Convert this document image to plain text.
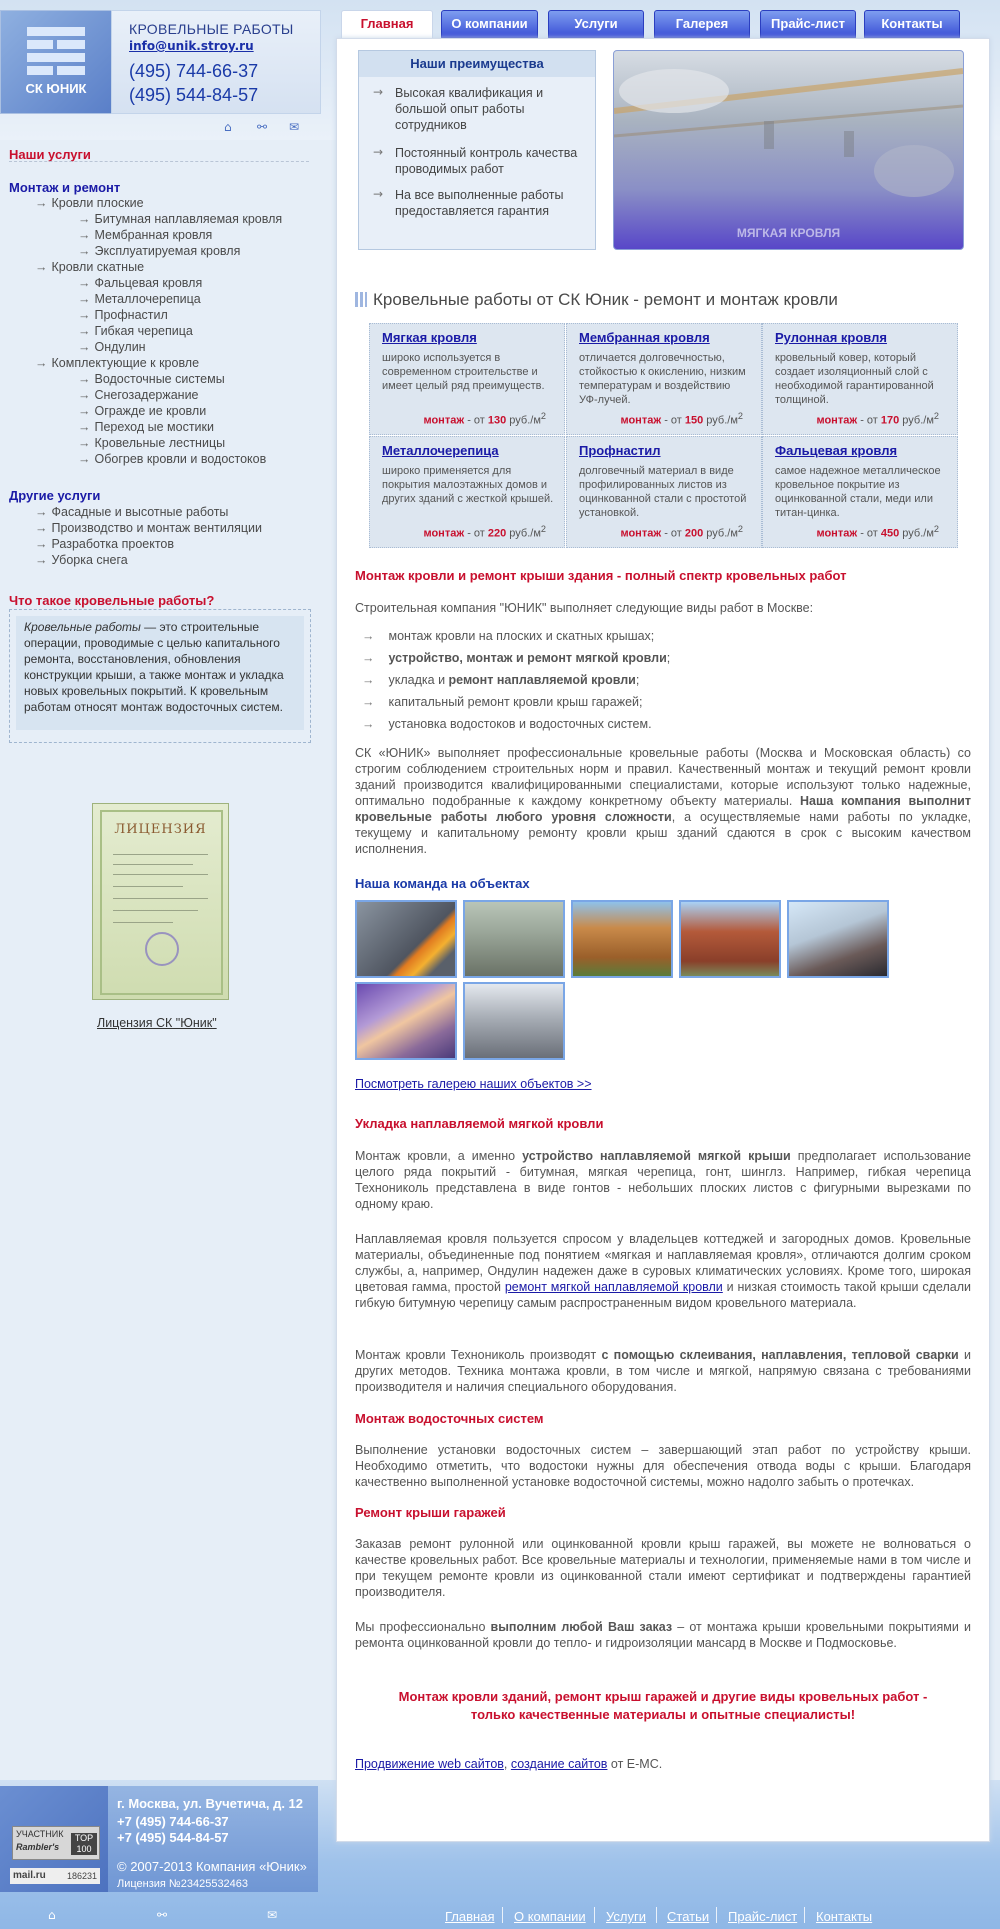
СК ЮНИК
КРОВЕЛЬНЫЕ РАБОТЫ
info@unik.stroy.ru
(495) 744-66-37
(495) 544-84-57
⌂ ⚯ ✉
Главная	О компании	Услуги	Галерея	Прайс-лист	Контакты
Наши услуги
Монтаж и ремонт
→ Кровли плоские
→ Битумная наплавляемая кровля
→ Мембранная кровля
→ Эксплуатируемая кровля
→ Кровли скатные
→ Фальцевая кровля
→ Металлочерепица
→ Профнастил
→ Гибкая черепица
→ Ондулин
→ Комплектующие к кровле
→ Водосточные системы
→ Снегозадержание
→ Огражде ие кровли
→ Переход ые мостики
→ Кровельные лестницы
→ Обогрев кровли и водостоков
Другие услуги
→ Фасадные и высотные работы
→ Производство и монтаж вентиляции
→ Разработка проектов
→ Уборка снега
Что такое кровельные работы?
Кровельные работы — это строительные операции, проводимые с целью капитального ремонта, восстановления, обновления конструкции крыши, а также монтаж и укладка новых кровельных покрытий. К кровельным работам относят монтаж водосточных систем.
ЛИЦЕНЗИЯ
Лицензия СК "Юник"
Наши преимущества
→ Высокая квалификация и большой опыт работы сотрудников
→ Постоянный контроль качества проводимых работ
→ На все выполненные работы предоставляется гарантия
МЯГКАЯ КРОВЛЯ
Кровельные работы от СК Юник - ремонт и монтаж кровли
Мягкая кровля
широко используется в современном строительстве и имеет целый ряд преимуществ.
монтаж - от 130 $руб./м^2$
Мембранная кровля
отличается долговечностью, стойкостью к окислению, низким температурам и воздействию УФ-лучей.
монтаж - от 150 $руб./м^2$
Рулонная кровля
кровельный ковер, который создает изоляционный слой с необходимой гарантированной толщиной.
монтаж - от 170 $руб./м^2$
Металлочерепица
широко применяется для покрытия малоэтажных домов и других зданий с жесткой крышей.
монтаж - от 220 $руб./м^2$
Профнастил
долговечный материал в виде профилированных листов из оцинкованной стали с простотой установкой.
монтаж - от 200 $руб./м^2$
Фальцевая кровля
самое надежное металлическое кровельное покрытие из оцинкованной стали, меди или титан-цинка.
монтаж - от 450 $руб./м^2$
Монтаж кровли и ремонт крыши здания - полный спектр кровельных работ
Строительная компания "ЮНИК" выполняет следующие виды работ в Москве:
→ монтаж кровли на плоских и скатных крышах;
→ устройство, монтаж и ремонт мягкой кровли;
→ укладка и ремонт наплавляемой кровли;
→ капитальный ремонт кровли крыш гаражей;
→ установка водостоков и водосточных систем.
СК «ЮНИК» выполняет профессиональные кровельные работы (Москва и Московская область) со строгим соблюдением строительных норм и правил. Качественный монтаж и текущий ремонт кровли зданий производится квалифицированными специалистами, которые используют только надежные, оптимально подобранные к каждому конкретному объекту материалы. Наша компания выполнит кровельные работы любого уровня сложности, а осуществляемые нами работы по укладке, текущему и капитальному ремонту кровли крыш зданий сдаются в срок с высоким качеством исполнения.
Наша команда на объектах
Посмотреть галерею наших объектов >>
Укладка наплавляемой мягкой кровли
Монтаж кровли, а именно устройство наплавляемой мягкой крыши предполагает использование целого ряда покрытий - битумная, мягкая черепица, гонт, шинглз. Например, гибкая черепица Технониколь представлена в виде гонтов - небольших плоских листов с фигурными вырезками по одному краю.
Наплавляемая кровля пользуется спросом у владельцев коттеджей и загородных домов. Кровельные материалы, объединенные под понятием «мягкая и наплавляемая кровля», отличаются долгим сроком службы, а, например, Ондулин надежен даже в суровых климатических условиях. Кроме того, широкая цветовая гамма, простой ремонт мягкой наплавляемой кровли и низкая стоимость такой крыши сделали гибкую битумную черепицу самым распространенным видом кровельного материала.
Монтаж кровли Технониколь производят с помощью склеивания, наплавления, тепловой сварки и других методов. Техника монтажа кровли, в том числе и мягкой, напрямую связана с требованиями производителя и наличия специального оборудования.
Монтаж водосточных систем
Выполнение установки водосточных систем – завершающий этап работ по устройству крыши. Необходимо отметить, что водостоки нужны для обеспечения отвода воды с крыши. Благодаря качественно выполненной установке водосточной системы, можно надолго забыть о протечках.
Ремонт крыши гаражей
Заказав ремонт рулонной или оцинкованной кровли крыш гаражей, вы можете не волноваться о качестве кровельных работ. Все кровельные материалы и технологии, применяемые нами в том числе и при текущем ремонте кровли из оцинкованной стали имеют сертификат и подтверждены гарантией производителя.
Мы профессионально выполним любой Ваш заказ – от монтажа крыши кровельными покрытиями и ремонта оцинкованной кровли до тепло- и гидроизоляции мансард в Москве и Подмосковье.
Монтаж кровли зданий, ремонт крыш гаражей и другие виды кровельных работ -
только качественные материалы и опытные специалисты!
Продвижение web сайтов, создание сайтов от E-MC.
УЧАСТНИК
Rambler's
TOP 100
mail.ru 186231
г. Москва, ул. Вучетича, д. 12
+7 (495) 744-66-37
+7 (495) 544-84-57
© 2007-2013 Компания «Юник»
Лицензия №23425532463
⌂	⚯	✉	Главная О компании Услуги Статьи Прайс-лист Контакты
